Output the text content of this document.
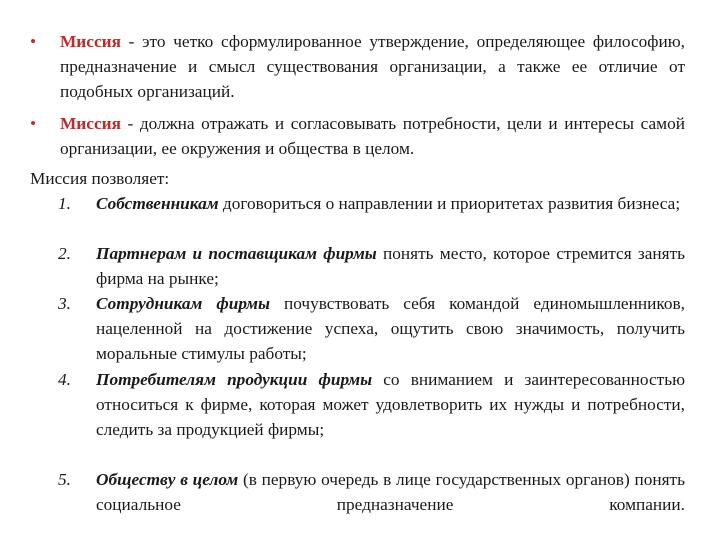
•	Миссия - это четко сформулированное утверждение, определяющее философию, предназначение и смысл существования организации, а также ее отличие от подобных организаций.
•	Миссия - должна отражать и согласовывать потребности, цели и интересы самой организации, ее окружения и общества в целом.
Миссия позволяет:
1. Собственникам договориться о направлении и приоритетах развития бизнеса;
2. Партнерам и поставщикам фирмы понять место, которое стремится занять фирма на рынке;
3. Сотрудникам фирмы почувствовать себя командой единомышленников, нацеленной на достижение успеха, ощутить свою значимость, получить моральные стимулы работы;
4. Потребителям продукции фирмы со вниманием и заинтересованностью относиться к фирме, которая может удовлетворить их нужды и потребности, следить за продукцией фирмы;
5. Обществу в целом (в первую очередь в лице государственных органов) понять социальное предназначение компании.
